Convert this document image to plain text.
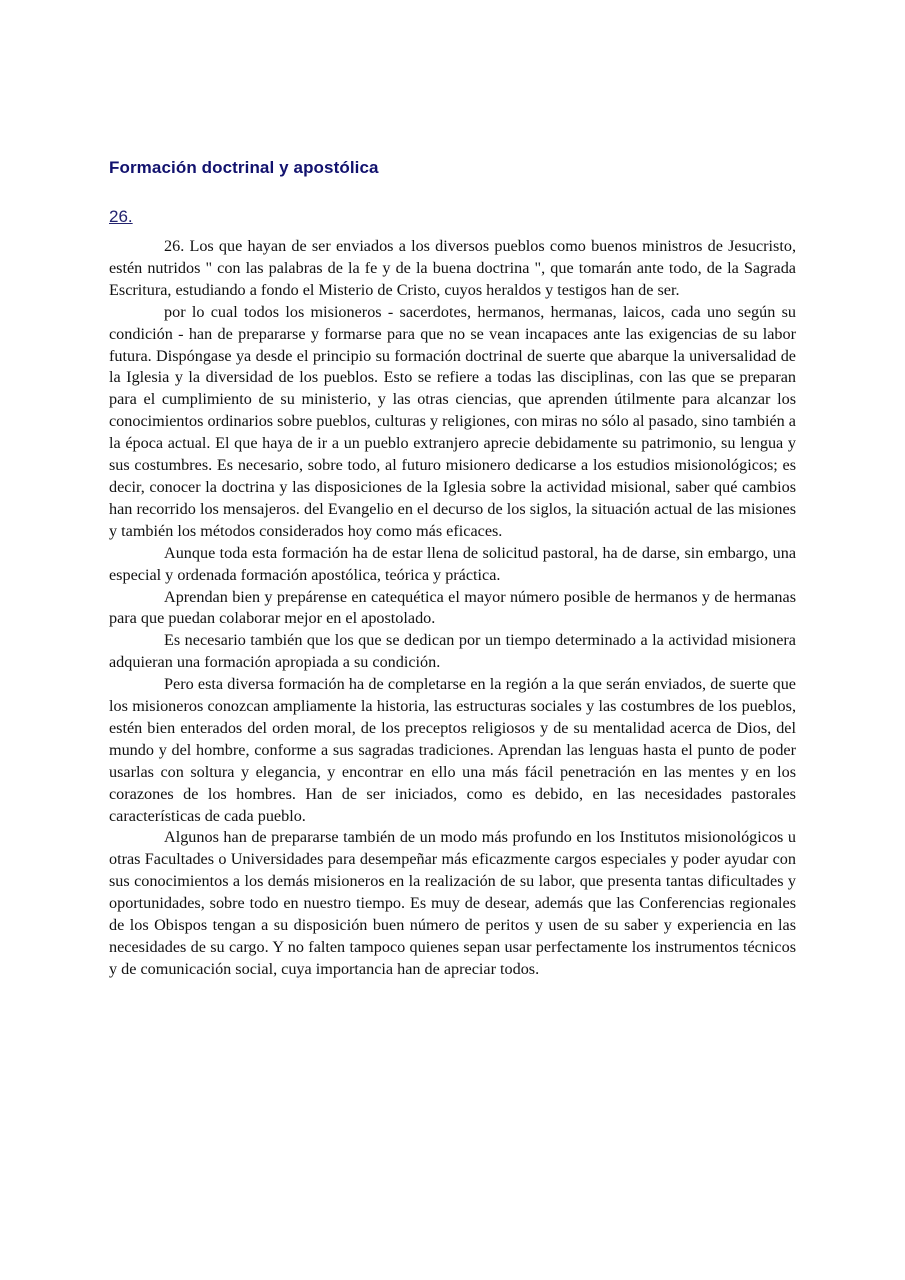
Formación doctrinal y apostólica
26.

26. Los que hayan de ser enviados a los diversos pueblos como buenos ministros de Jesucristo, estén nutridos " con las palabras de la fe y de la buena doctrina ", que tomarán ante todo, de la Sagrada Escritura, estudiando a fondo el Misterio de Cristo, cuyos heraldos y testigos han de ser.

por lo cual todos los misioneros - sacerdotes, hermanos, hermanas, laicos, cada uno según su condición - han de prepararse y formarse para que no se vean incapaces ante las exigencias de su labor futura. Dispóngase ya desde el principio su formación doctrinal de suerte que abarque la universalidad de la Iglesia y la diversidad de los pueblos. Esto se refiere a todas las disciplinas, con las que se preparan para el cumplimiento de su ministerio, y las otras ciencias, que aprenden útilmente para alcanzar los conocimientos ordinarios sobre pueblos, culturas y religiones, con miras no sólo al pasado, sino también a la época actual. El que haya de ir a un pueblo extranjero aprecie debidamente su patrimonio, su lengua y sus costumbres. Es necesario, sobre todo, al futuro misionero dedicarse a los estudios misionológicos; es decir, conocer la doctrina y las disposiciones de la Iglesia sobre la actividad misional, saber qué cambios han recorrido los mensajeros. del Evangelio en el decurso de los siglos, la situación actual de las misiones y también los métodos considerados hoy como más eficaces.

Aunque toda esta formación ha de estar llena de solicitud pastoral, ha de darse, sin embargo, una especial y ordenada formación apostólica, teórica y práctica.

Aprendan bien y prepárense en catequética el mayor número posible de hermanos y de hermanas para que puedan colaborar mejor en el apostolado.

Es necesario también que los que se dedican por un tiempo determinado a la actividad misionera adquieran una formación apropiada a su condición.

Pero esta diversa formación ha de completarse en la región a la que serán enviados, de suerte que los misioneros conozcan ampliamente la historia, las estructuras sociales y las costumbres de los pueblos, estén bien enterados del orden moral, de los preceptos religiosos y de su mentalidad acerca de Dios, del mundo y del hombre, conforme a sus sagradas tradiciones. Aprendan las lenguas hasta el punto de poder usarlas con soltura y elegancia, y encontrar en ello una más fácil penetración en las mentes y en los corazones de los hombres. Han de ser iniciados, como es debido, en las necesidades pastorales características de cada pueblo.

Algunos han de prepararse también de un modo más profundo en los Institutos misionológicos u otras Facultades o Universidades para desempeñar más eficazmente cargos especiales y poder ayudar con sus conocimientos a los demás misioneros en la realización de su labor, que presenta tantas dificultades y oportunidades, sobre todo en nuestro tiempo. Es muy de desear, además que las Conferencias regionales de los Obispos tengan a su disposición buen número de peritos y usen de su saber y experiencia en las necesidades de su cargo. Y no falten tampoco quienes sepan usar perfectamente los instrumentos técnicos y de comunicación social, cuya importancia han de apreciar todos.
